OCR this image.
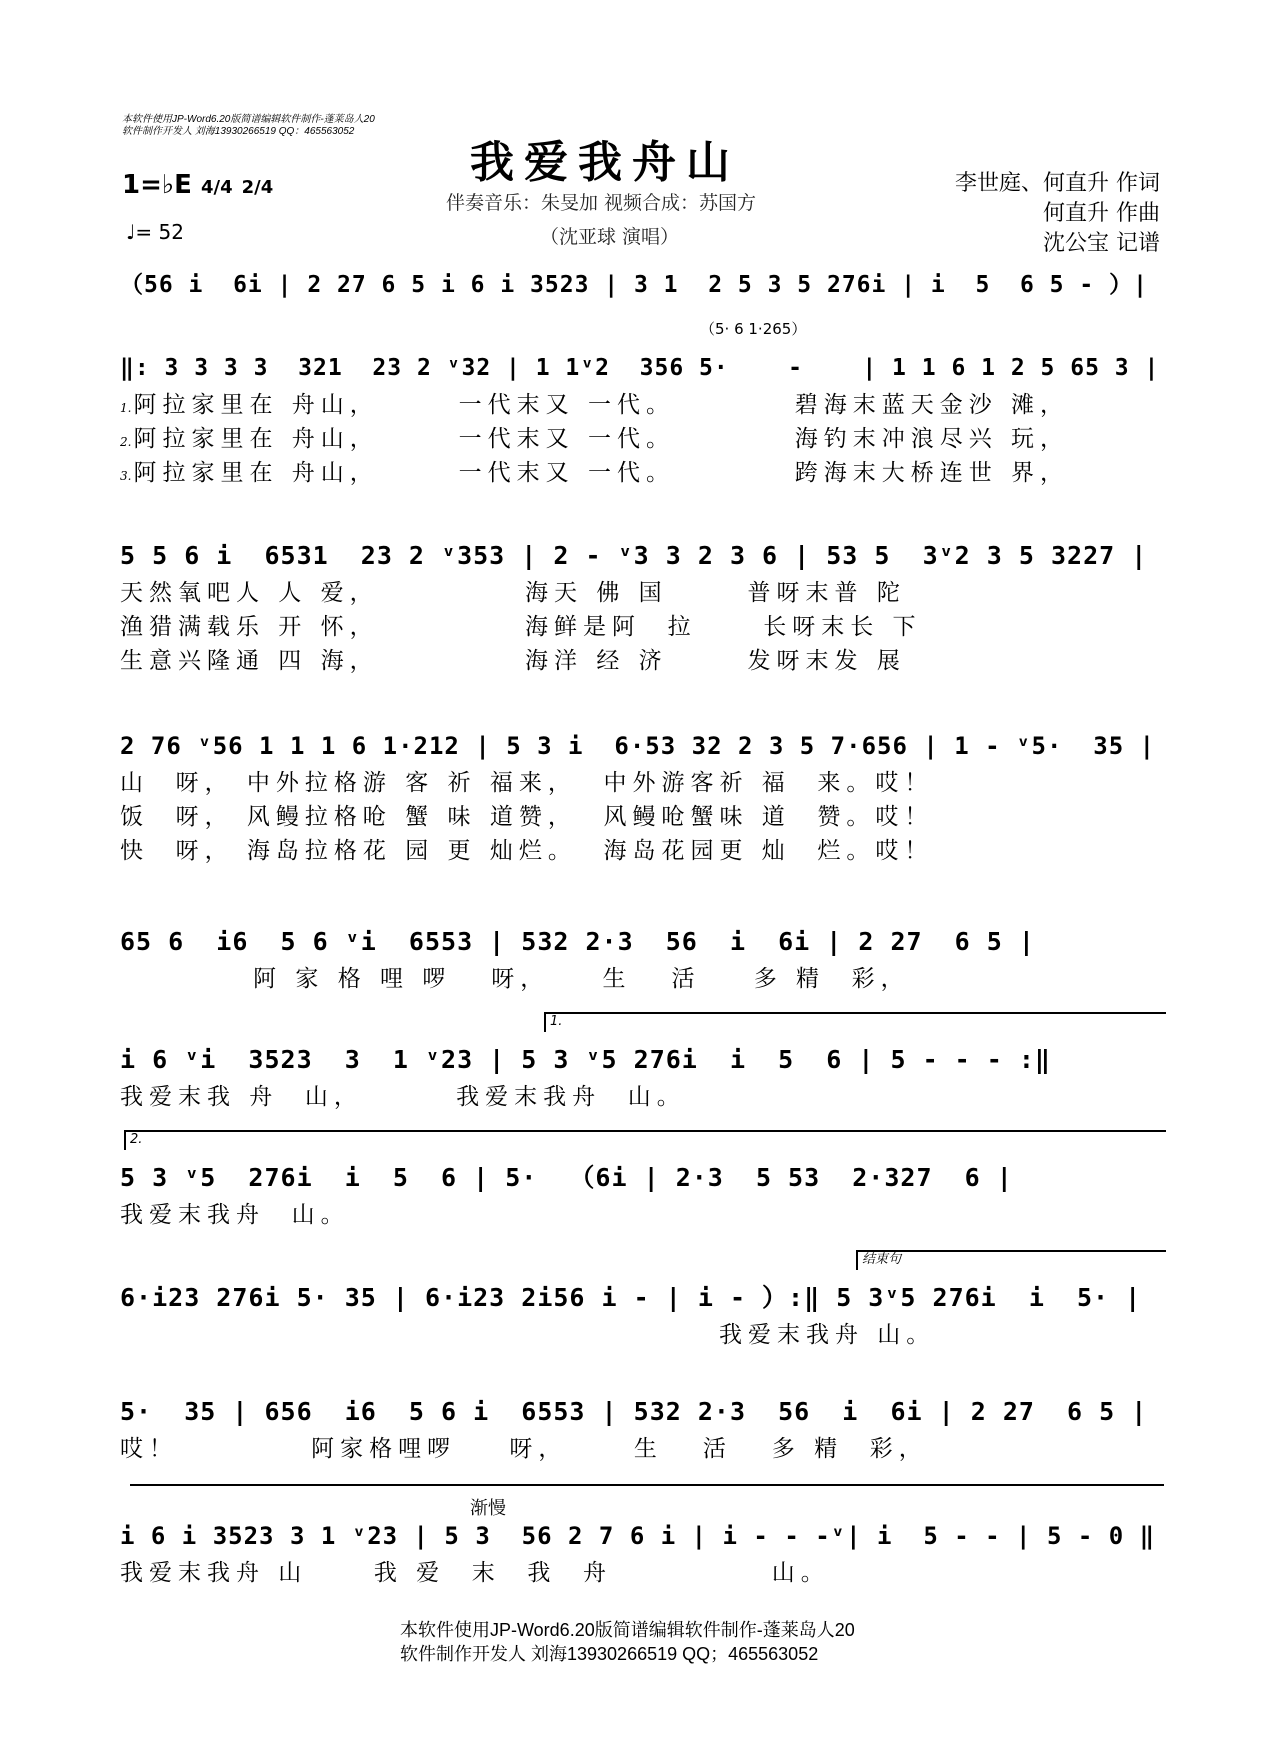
本软件使用JP-Word6.20版简谱编辑软件制作-蓬莱岛人20
软件制作开发人 刘海13930266519 QQ：465563052
我爱我舟山
1=♭E 4/4 2/4
♩= 52
伴奏音乐：朱旻加 视频合成：苏国方
（沈亚球 演唱）
李世庭、何直升 作词
何直升 作曲
沈公宝 记谱
（56 i  6i | 2 27 6 5 i 6 i 3523 | 3 1  2 5 3 5 276i | i  5  6 5 - ）|
（5· 6 1·265）
‖: 3 3 3 3  321  23 2 ᵛ32 | 1 1ᵛ2  356 5·    -    | 1 1 6 1 2 5 65 3 |
1.阿拉家里在 舟山，      一代末又 一代。         碧海末蓝天金沙 滩，
2.阿拉家里在 舟山，      一代末又 一代。         海钓末冲浪尽兴 玩，
3.阿拉家里在 舟山，      一代末又 一代。         跨海末大桥连世 界，
5 5 6 i  6531  23 2 ᵛ353 | 2 - ᵛ3 3 2 3 6 | 53 5  3ᵛ2 3 5 3227 |
天然氧吧人 人 爱，           海天 佛 国      普呀末普 陀
渔猎满载乐 开 怀，           海鲜是阿  拉     长呀末长 下
生意兴隆通 四 海，           海洋 经 济      发呀末发 展
2 76 ᵛ56 1 1 1 6 1·212 | 5 3 i  6·53 32 2 3 5 7·656 | 1 - ᵛ5·  35 |
山  呀， 中外拉格游 客 祈 福来，  中外游客祈 福  来。哎！
饭  呀， 风鳗拉格呛 蟹 味 道赞，  风鳗呛蟹味 道  赞。哎！
快  呀， 海岛拉格花 园 更 灿烂。  海岛花园更 灿  烂。哎！
65 6  i6  5 6 ᵛi  6553 | 532 2·3  56  i  6i | 2 27  6 5 |
阿 家 格 哩 啰   呀，    生   活    多 精  彩，
1.
i 6 ᵛi  3523  3  1 ᵛ23 | 5 3 ᵛ5 276i  i  5  6 | 5 - - - :‖
我爱末我 舟  山，       我爱末我舟  山。
2.
5 3 ᵛ5  276i  i  5  6 | 5·  （6i | 2·3  5 53  2·327  6 |
我爱末我舟  山。
结束句
6·i23 276i 5· 35 | 6·i23 2i56 i - | i - ）:‖ 5 3ᵛ5 276i  i  5· |
我爱末我舟 山。
5·  35 | 656  i6  5 6 i  6553 | 532 2·3  56  i  6i | 2 27  6 5 |
哎！          阿家格哩啰    呀，     生   活   多 精  彩，
渐慢
i 6 i 3523 3 1 ᵛ23 | 5 3  56 2 7 6 i | i - - -ᵛ| i  5 - - | 5 - 0 ‖
我爱末我舟 山     我 爱  末  我  舟            山。
本软件使用JP-Word6.20版简谱编辑软件制作-蓬莱岛人20
软件制作开发人 刘海13930266519 QQ；465563052
